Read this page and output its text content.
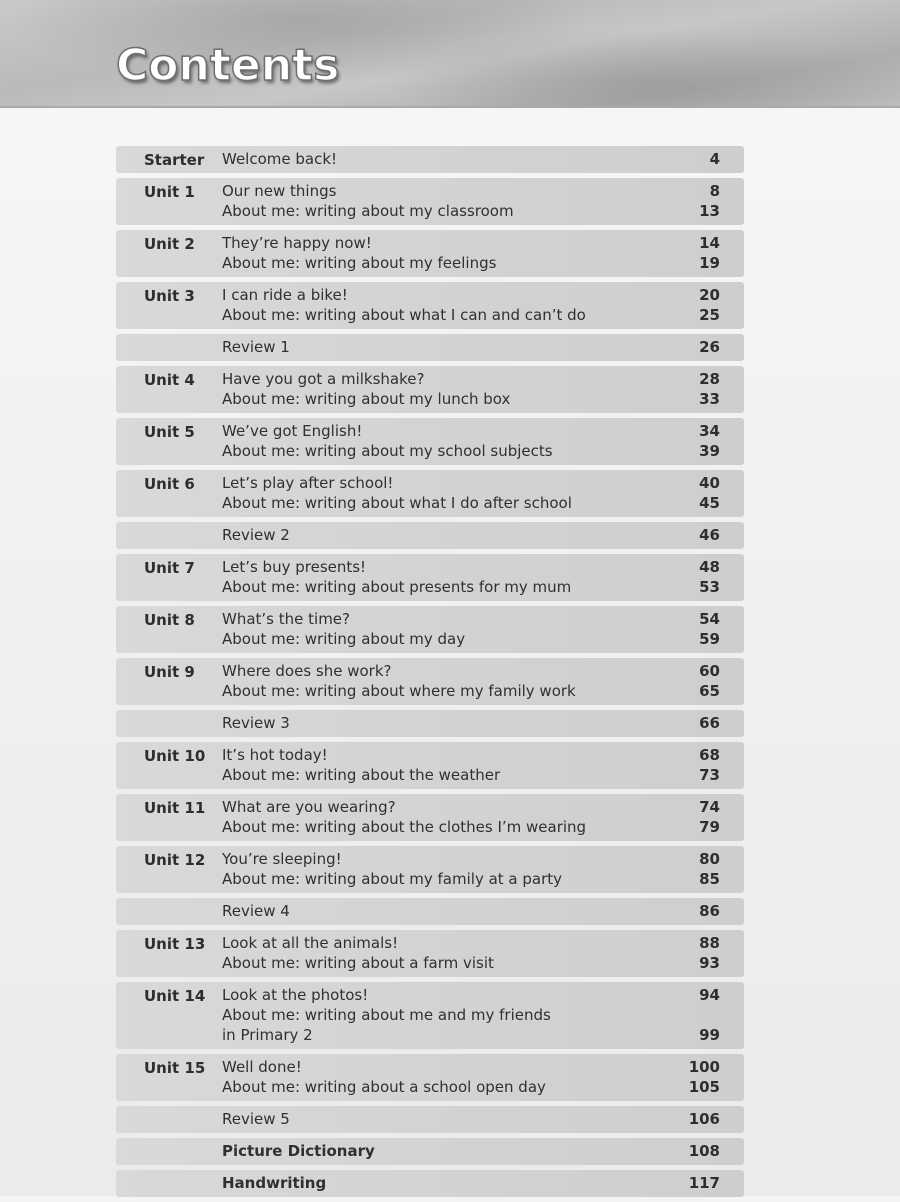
Contents
Starter Welcome back!	4
Unit 1 Our new things	8
About me: writing about my classroom	13
Unit 2 They’re happy now!	14
About me: writing about my feelings	19
Unit 3 I can ride a bike!	20
About me: writing about what I can and can’t do	25
Review 1	26
Unit 4 Have you got a milkshake?	28
About me: writing about my lunch box	33
Unit 5 We’ve got English!	34
About me: writing about my school subjects	39
Unit 6 Let’s play after school!	40
About me: writing about what I do after school	45
Review 2	46
Unit 7 Let’s buy presents!	48
About me: writing about presents for my mum	53
Unit 8 What’s the time?	54
About me: writing about my day	59
Unit 9 Where does she work?	60
About me: writing about where my family work	65
Review 3	66
Unit 10 It’s hot today!	68
About me: writing about the weather	73
Unit 11 What are you wearing?	74
About me: writing about the clothes I’m wearing	79
Unit 12 You’re sleeping!	80
About me: writing about my family at a party	85
Review 4	86
Unit 13 Look at all the animals!	88
About me: writing about a farm visit	93
Unit 14 Look at the photos!	94
About me: writing about me and my friends
in Primary 2	99
Unit 15 Well done!	100
About me: writing about a school open day	105
Review 5	106
Picture Dictionary	108
Handwriting	117
